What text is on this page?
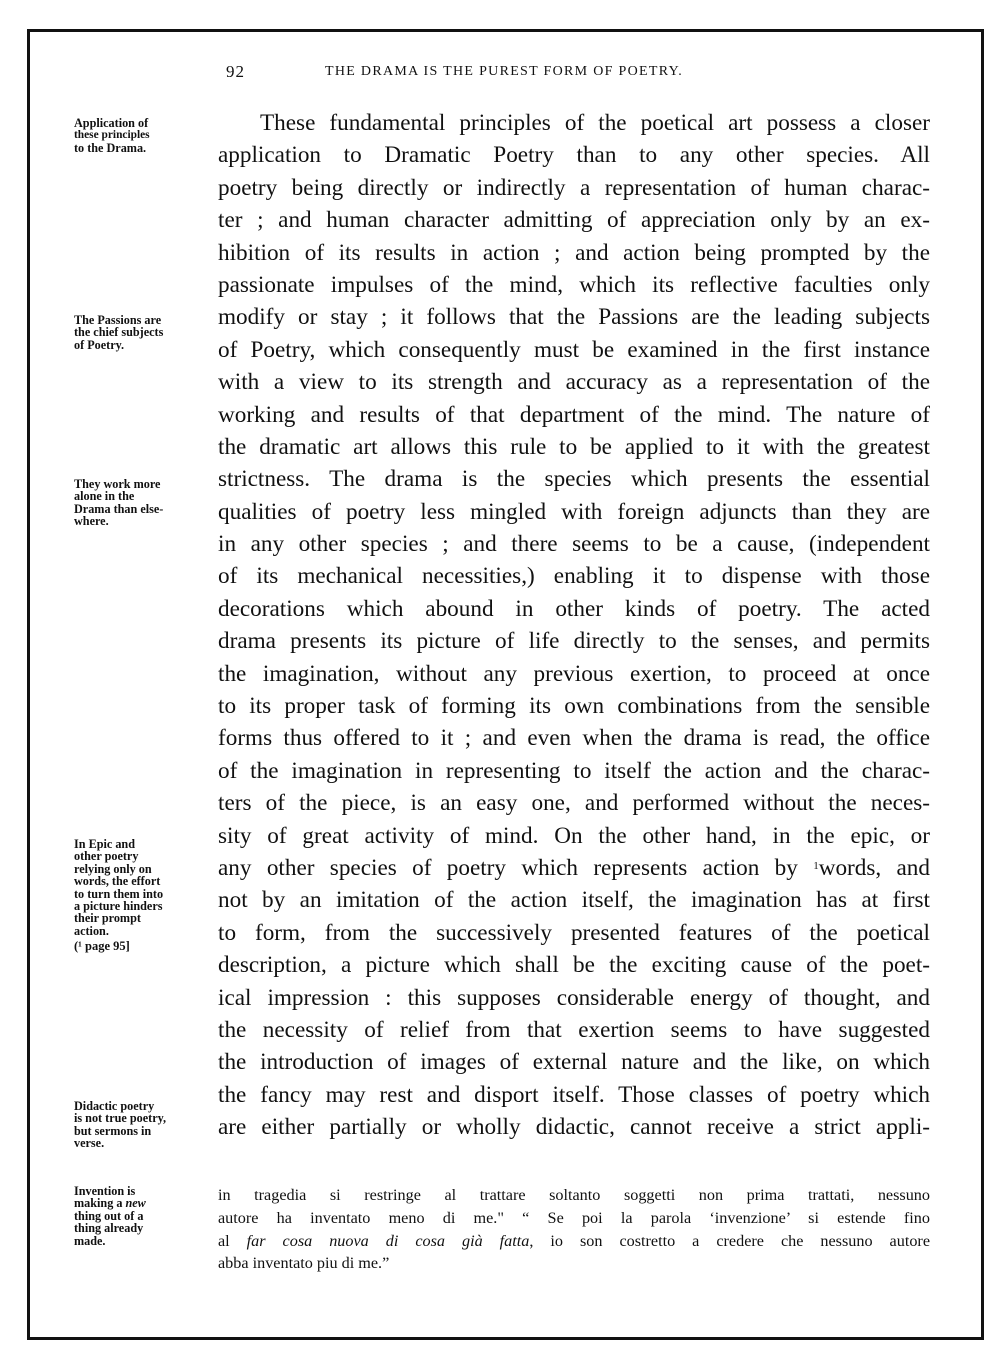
92	THE DRAMA IS THE PUREST FORM OF POETRY.
Application of
these principles
to the Drama.
The Passions are
the chief subjects
of Poetry.
They work more
alone in the
Drama than else-
where.
In Epic and
other poetry
relying only on
words, the effort
to turn them into
a picture hinders
their prompt
action.
(¹ page 95]
Didactic poetry
is not true poetry,
but sermons in
verse.
Invention is
making a new
thing out of a
thing already
made.
These fundamental principles of the poetical art possess a closer
application to Dramatic Poetry than to any other species. All
poetry being directly or indirectly a representation of human charac-
ter ; and human character admitting of appreciation only by an ex-
hibition of its results in action ; and action being prompted by the
passionate impulses of the mind, which its reflective faculties only
modify or stay ; it follows that the Passions are the leading subjects
of Poetry, which consequently must be examined in the first instance
with a view to its strength and accuracy as a representation of the
working and results of that department of the mind. The nature of
the dramatic art allows this rule to be applied to it with the greatest
strictness. The drama is the species which presents the essential
qualities of poetry less mingled with foreign adjuncts than they are
in any other species ; and there seems to be a cause, (independent
of its mechanical necessities,) enabling it to dispense with those
decorations which abound in other kinds of poetry. The acted
drama presents its picture of life directly to the senses, and permits
the imagination, without any previous exertion, to proceed at once
to its proper task of forming its own combinations from the sensible
forms thus offered to it ; and even when the drama is read, the office
of the imagination in representing to itself the action and the charac-
ters of the piece, is an easy one, and performed without the neces-
sity of great activity of mind. On the other hand, in the epic, or
any other species of poetry which represents action by $^1$words, and
not by an imitation of the action itself, the imagination has at first
to form, from the successively presented features of the poetical
description, a picture which shall be the exciting cause of the poet-
ical impression : this supposes considerable energy of thought, and
the necessity of relief from that exertion seems to have suggested
the introduction of images of external nature and the like, on which
the fancy may rest and disport itself. Those classes of poetry which
are either partially or wholly didactic, cannot receive a strict appli-
in tragedia si restringe al trattare soltanto soggetti non prima trattati, nessuno
autore ha inventato meno di me." “ Se poi la parola ‘invenzione’ si estende fino
al far cosa nuova di cosa già fatta, io son costretto a credere che nessuno autore
abba inventato piu di me.”
